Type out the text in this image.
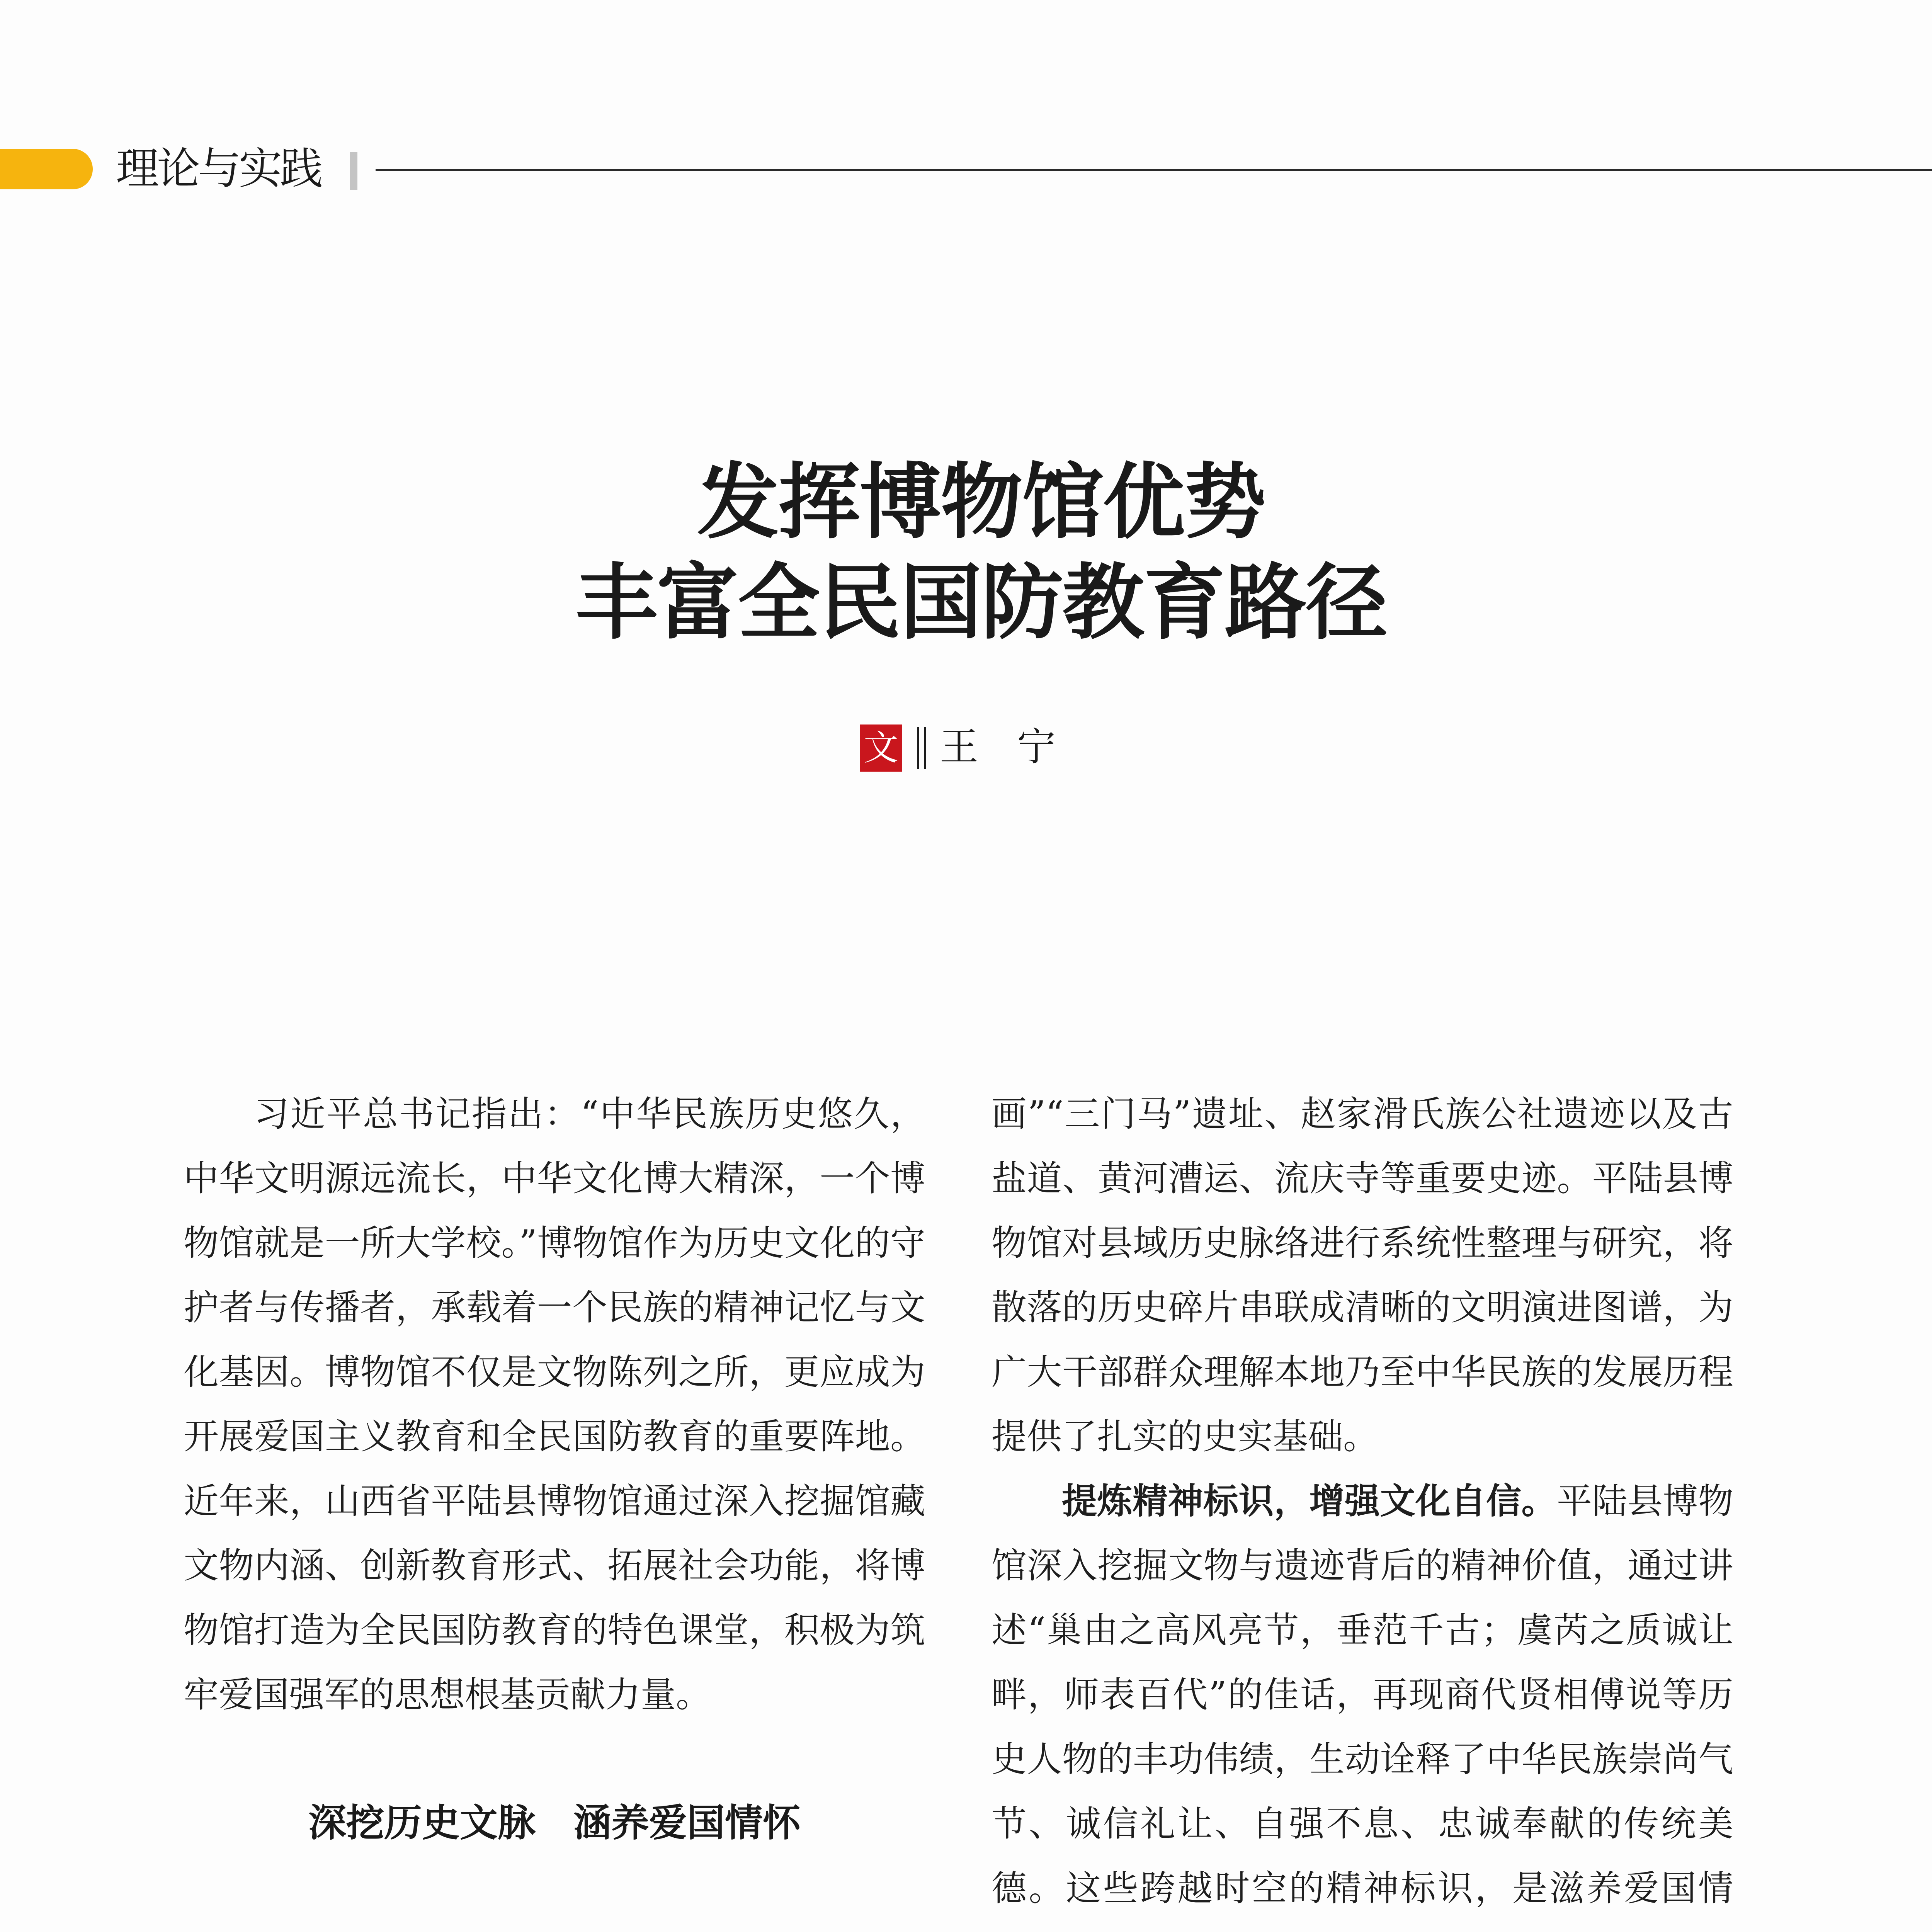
理论与实践
发挥博物馆优势
丰富全民国防教育路径
文 王宁

习近平总书记指出：“中华民族历史悠久，中华文明源远流长，中华文化博大精深，一个博物馆就是一所大学校。”博物馆作为历史文化的守护者与传播者，承载着一个民族的精神记忆与文化基因。博物馆不仅是文物陈列之所，更应成为开展爱国主义教育和全民国防教育的重要阵地。近年来，山西省平陆县博物馆通过深入挖掘馆藏文物内涵、创新教育形式、拓展社会功能，将博物馆打造为全民国防教育的特色课堂，积极为筑牢爱国强军的思想根基贡献力量。

深挖历史文脉　涵养爱国情怀

画”“三门马”遗址、赵家滑氏族公社遗迹以及古盐道、黄河漕运、流庆寺等重要史迹。平陆县博物馆对县域历史脉络进行系统性整理与研究，将散落的历史碎片串联成清晰的文明演进图谱，为广大干部群众理解本地乃至中华民族的发展历程提供了扎实的史实基础。

提炼精神标识，增强文化自信。平陆县博物馆深入挖掘文物与遗迹背后的精神价值，通过讲述“巢由之高风亮节，垂范千古；虞芮之质诚让畔，师表百代”的佳话，再现商代贤相傅说等历史人物的丰功伟绩，生动诠释了中华民族崇尚气节、诚信礼让、自强不息、忠诚奉献的传统美德。这些跨越时空的精神标识，是滋养爱国情
